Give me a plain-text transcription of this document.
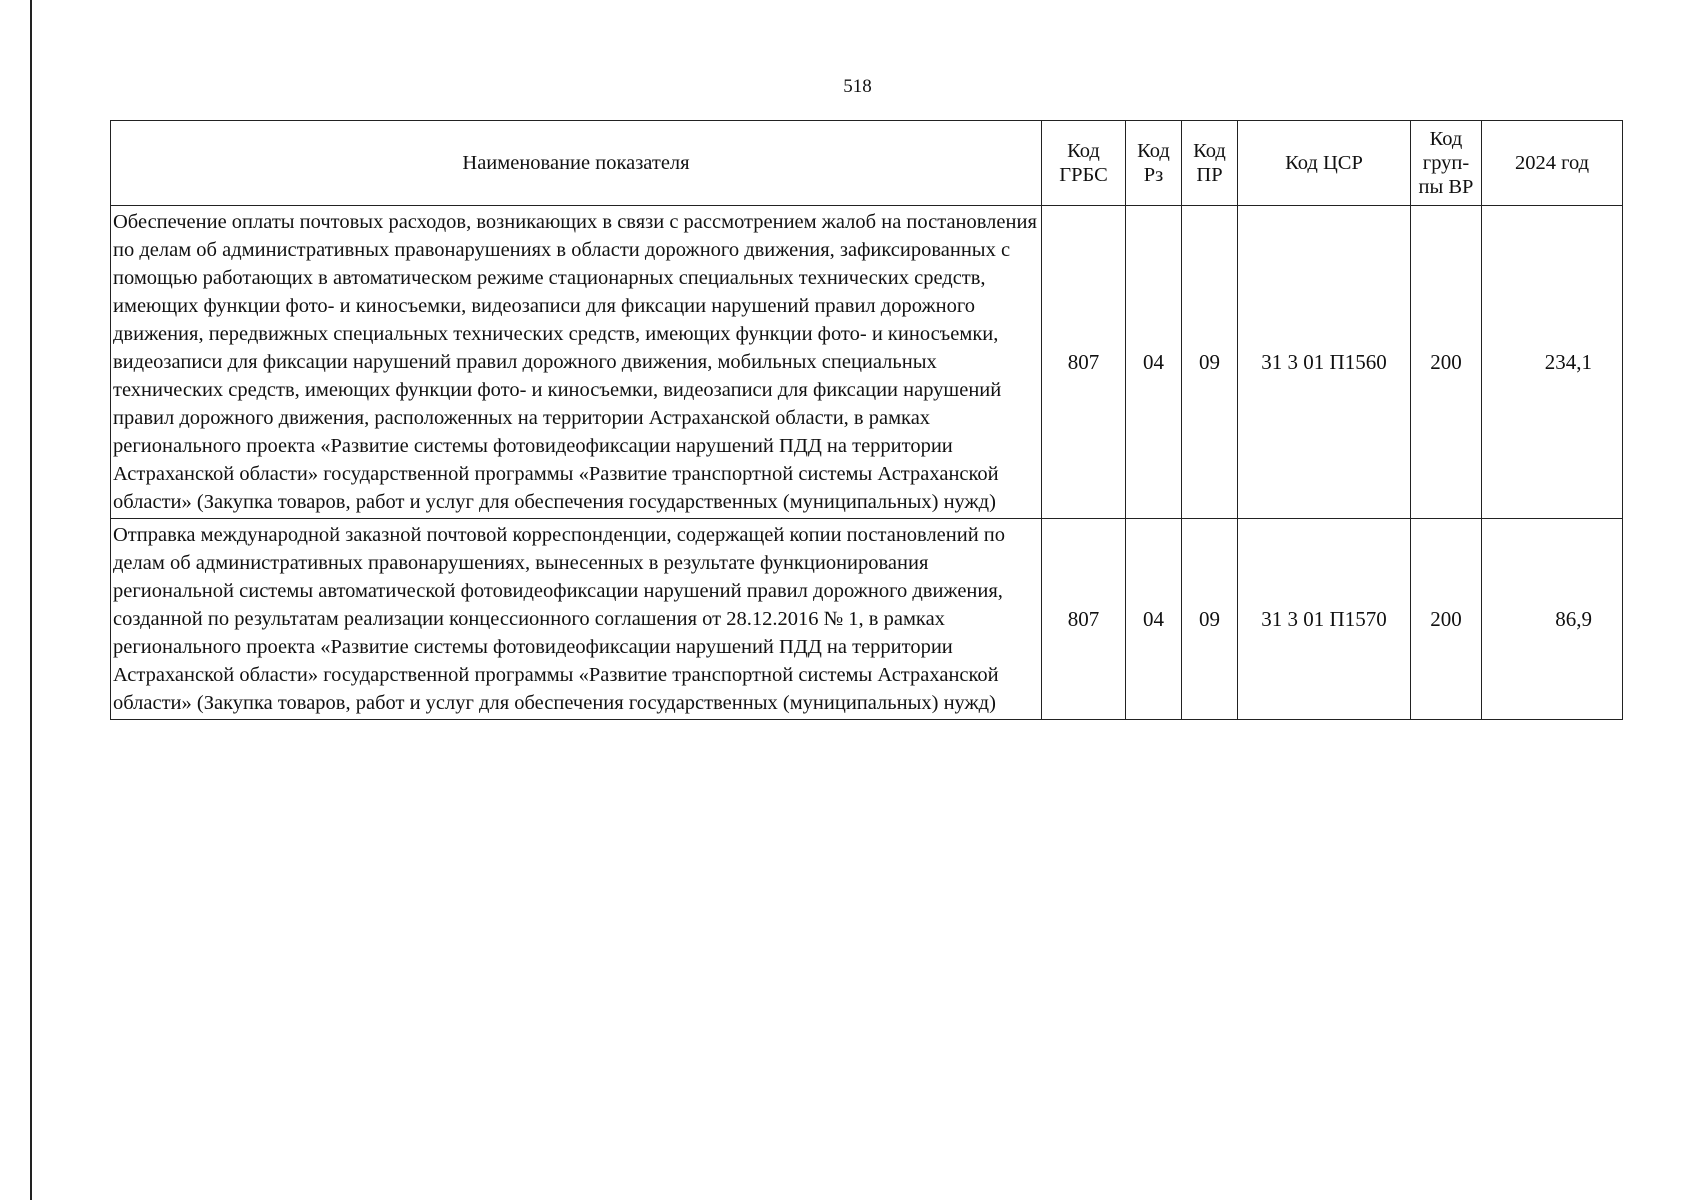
518
Наименование показателя	Код ГРБС	Код Рз	Код ПР	Код ЦСР	Код груп-пы ВР	2024 год
Обеспечение оплаты почтовых расходов, возникающих в связи с рассмотрением жалоб на постановления по делам об административных правонарушениях в области дорожного движения, зафиксированных с помощью работающих в автоматическом режиме стационарных специальных технических средств, имеющих функции фото- и киносъемки, видеозаписи для фиксации нарушений правил дорожного движения, передвижных специальных технических средств, имеющих функции фото- и киносъемки, видеозаписи для фиксации нарушений правил дорожного движения, мобильных специальных технических средств, имеющих функции фото- и киносъемки, видеозаписи для фиксации нарушений правил дорожного движения, расположенных на территории Астраханской области, в рамках регионального проекта «Развитие системы фотовидеофиксации нарушений ПДД на территории Астраханской области» государственной программы «Развитие транспортной системы Астраханской области» (Закупка товаров, работ и услуг для обеспечения государственных (муниципальных) нужд)	807	04	09	31 3 01 П1560	200	234,1
Отправка международной заказной почтовой корреспонденции, содержащей копии постановлений по делам об административных правонарушениях, вынесенных в результате функционирования региональной системы автоматической фотовидеофиксации нарушений правил дорожного движения, созданной по результатам реализации концессионного соглашения от 28.12.2016 № 1, в рамках регионального проекта «Развитие системы фотовидеофиксации нарушений ПДД на территории Астраханской области» государственной программы «Развитие транспортной системы Астраханской области» (Закупка товаров, работ и услуг для обеспечения государственных (муниципальных) нужд)	807	04	09	31 3 01 П1570	200	86,9
